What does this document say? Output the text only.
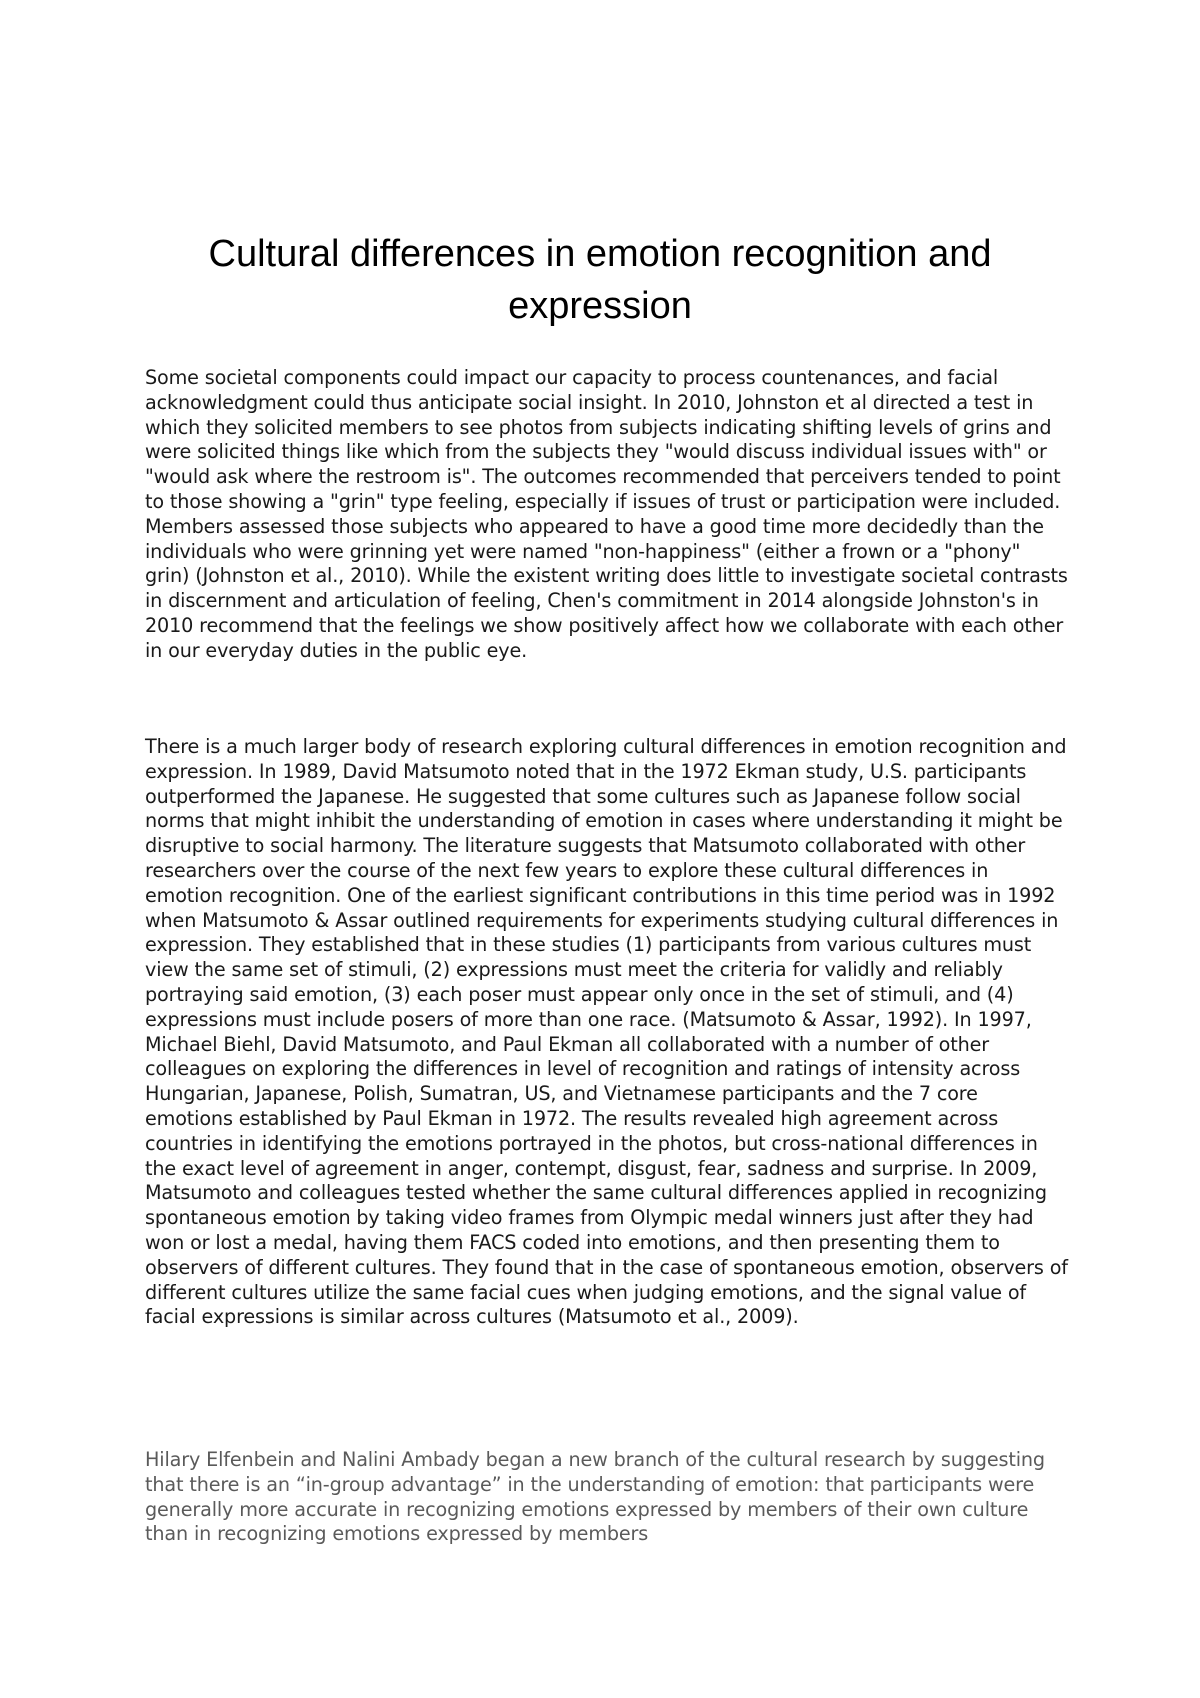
Cultural differences in emotion recognition and expression

Some societal components could impact our capacity to process countenances, and facial acknowledgment could thus anticipate social insight. In 2010, Johnston et al directed a test in which they solicited members to see photos from subjects indicating shifting levels of grins and were solicited things like which from the subjects they "would discuss individual issues with" or "would ask where the restroom is". The outcomes recommended that perceivers tended to point to those showing a "grin" type feeling, especially if issues of trust or participation were included. Members assessed those subjects who appeared to have a good time more decidedly than the individuals who were grinning yet were named "non-happiness" (either a frown or a "phony" grin) (Johnston et al., 2010). While the existent writing does little to investigate societal contrasts in discernment and articulation of feeling, Chen's commitment in 2014 alongside Johnston's in 2010 recommend that the feelings we show positively affect how we collaborate with each other in our everyday duties in the public eye.

There is a much larger body of research exploring cultural differences in emotion recognition and expression. In 1989, David Matsumoto noted that in the 1972 Ekman study, U.S. participants outperformed the Japanese. He suggested that some cultures such as Japanese follow social norms that might inhibit the understanding of emotion in cases where understanding it might be disruptive to social harmony. The literature suggests that Matsumoto collaborated with other researchers over the course of the next few years to explore these cultural differences in emotion recognition. One of the earliest significant contributions in this time period was in 1992 when Matsumoto & Assar outlined requirements for experiments studying cultural differences in expression. They established that in these studies (1) participants from various cultures must view the same set of stimuli, (2) expressions must meet the criteria for validly and reliably portraying said emotion, (3) each poser must appear only once in the set of stimuli, and (4) expressions must include posers of more than one race. (Matsumoto & Assar, 1992). In 1997, Michael Biehl, David Matsumoto, and Paul Ekman all collaborated with a number of other colleagues on exploring the differences in level of recognition and ratings of intensity across Hungarian, Japanese, Polish, Sumatran, US, and Vietnamese participants and the 7 core emotions established by Paul Ekman in 1972. The results revealed high agreement across countries in identifying the emotions portrayed in the photos, but cross-national differences in the exact level of agreement in anger, contempt, disgust, fear, sadness and surprise. In 2009, Matsumoto and colleagues tested whether the same cultural differences applied in recognizing spontaneous emotion by taking video frames from Olympic medal winners just after they had won or lost a medal, having them FACS coded into emotions, and then presenting them to observers of different cultures. They found that in the case of spontaneous emotion, observers of different cultures utilize the same facial cues when judging emotions, and the signal value of facial expressions is similar across cultures (Matsumoto et al., 2009).

Hilary Elfenbein and Nalini Ambady began a new branch of the cultural research by suggesting that there is an “in-group advantage” in the understanding of emotion: that participants were generally more accurate in recognizing emotions expressed by members of their own culture than in recognizing emotions expressed by members
